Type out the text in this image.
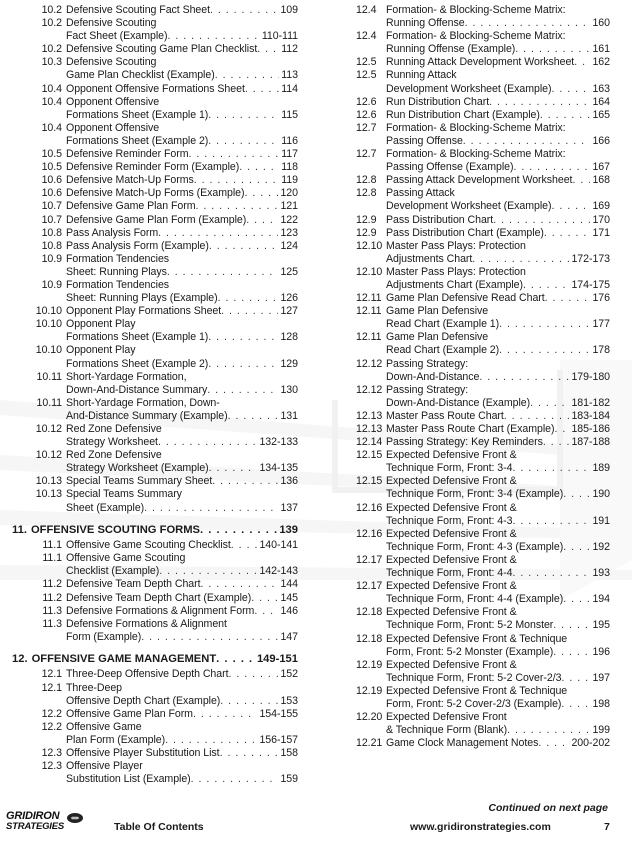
10.2 Defensive Scouting Fact Sheet . . .	109
10.2 Defensive Scouting
Fact Sheet (Example) . . .	110-111
10.2 Defensive Scouting Game Plan Checklist . . . 112
10.3 Defensive Scouting
Game Plan Checklist (Example) . . .	113
10.4 Opponent Offensive Formations Sheet . . .	114
10.4 Opponent Offensive
Formations Sheet (Example 1) . . .	115
10.4 Opponent Offensive
Formations Sheet (Example 2) . . .	116
10.5 Defensive Reminder Form . . .	117
10.5 Defensive Reminder Form (Example) . . .	118
10.6 Defensive Match-Up Forms . . .	119
10.6 Defensive Match-Up Forms (Example) . . .	120
10.7 Defensive Game Plan Form . . .	121
10.7 Defensive Game Plan Form (Example) . . .	122
10.8 Pass Analysis Form . . .	123
10.8 Pass Analysis Form (Example) . . .	124
10.9 Formation Tendencies
Sheet: Running Plays . . .	125
10.9 Formation Tendencies
Sheet: Running Plays (Example) . . .	126
10.10 Opponent Play Formations Sheet . . .	127
10.10 Opponent Play
Formations Sheet (Example 1) . . .	128
10.10 Opponent Play
Formations Sheet (Example 2) . . .	129
10.11 Short-Yardage Formation,
Down-And-Distance Summary . . .	130
10.11 Short-Yardage Formation, Down-
And-Distance Summary (Example) . . .	131
10.12 Red Zone Defensive
Strategy Worksheet . . .	132-133
10.12 Red Zone Defensive
Strategy Worksheet (Example) . . .	134-135
10.13 Special Teams Summary Sheet . . .	136
10.13 Special Teams Summary
Sheet (Example) . . .	137
11. OFFENSIVE SCOUTING FORMS . . .	139
11.1 Offensive Game Scouting Checklist . . .	140-141
11.1 Offensive Game Scouting
Checklist (Example) . . .	142-143
11.2 Defensive Team Depth Chart . . .	144
11.2 Defensive Team Depth Chart (Example) . . .	145
11.3 Defensive Formations & Alignment Form . . . 146
11.3 Defensive Formations & Alignment
Form (Example) . . .	147
12. OFFENSIVE GAME MANAGEMENT . . .	149-151
12.1 Three-Deep Offensive Depth Chart . . .	152
12.1 Three-Deep
Offensive Depth Chart (Example) . . .	153
12.2 Offensive Game Plan Form . . .	154-155
12.2 Offensive Game
Plan Form (Example) . . .	156-157
12.3 Offensive Player Substitution List . . .	158
12.3 Offensive Player
Substitution List (Example) . . .	159
12.4 Formation- & Blocking-Scheme Matrix:
Running Offense . . .	160
12.4 Formation- & Blocking-Scheme Matrix:
Running Offense (Example) . . .	161
12.5 Running Attack Development Worksheet . . . 162
12.5 Running Attack
Development Worksheet (Example) . . .	163
12.6 Run Distribution Chart . . .	164
12.6 Run Distribution Chart (Example) . . .	165
12.7 Formation- & Blocking-Scheme Matrix:
Passing Offense . . .	166
12.7 Formation- & Blocking-Scheme Matrix:
Passing Offense (Example) . . .	167
12.8 Passing Attack Development Worksheet . . . 168
12.8 Passing Attack
Development Worksheet (Example) . . .	169
12.9 Pass Distribution Chart . . .	170
12.9 Pass Distribution Chart (Example) . . .	171
12.10 Master Pass Plays: Protection
Adjustments Chart . . .	172-173
12.10 Master Pass Plays: Protection
Adjustments Chart (Example) . . .	174-175
12.11 Game Plan Defensive Read Chart . . .	176
12.11 Game Plan Defensive
Read Chart (Example 1) . . .	177
12.11 Game Plan Defensive
Read Chart (Example 2) . . .	178
12.12 Passing Strategy:
Down-And-Distance . . .	179-180
12.12 Passing Strategy:
Down-And-Distance (Example) . . .	181-182
12.13 Master Pass Route Chart . . .	183-184
12.13 Master Pass Route Chart (Example) . . . 185-186
12.14 Passing Strategy: Key Reminders . . .	187-188
12.15 Expected Defensive Front &
Technique Form, Front: 3-4 . . .	189
12.15 Expected Defensive Front &
Technique Form, Front: 3-4 (Example) . . .	190
12.16 Expected Defensive Front &
Technique Form, Front: 4-3 . . .	191
12.16 Expected Defensive Front &
Technique Form, Front: 4-3 (Example) . . .	192
12.17 Expected Defensive Front &
Technique Form, Front: 4-4 . . .	193
12.17 Expected Defensive Front &
Technique Form, Front: 4-4 (Example) . . .	194
12.18 Expected Defensive Front &
Technique Form, Front: 5-2 Monster . . .	195
12.18 Expected Defensive Front & Technique
Form, Front: 5-2 Monster (Example) . . .	196
12.19 Expected Defensive Front &
Technique Form, Front: 5-2 Cover-2/3 . . .	197
12.19 Expected Defensive Front & Technique
Form, Front: 5-2 Cover-2/3 (Example) . . .	198
12.20 Expected Defensive Front
& Technique Form (Blank) . . .	199
12.21 Game Clock Management Notes . . .	200-202
Continued on next page
GRIDIRON
STRATEGIES	Table Of Contents	www.gridironstrategies.com	7
